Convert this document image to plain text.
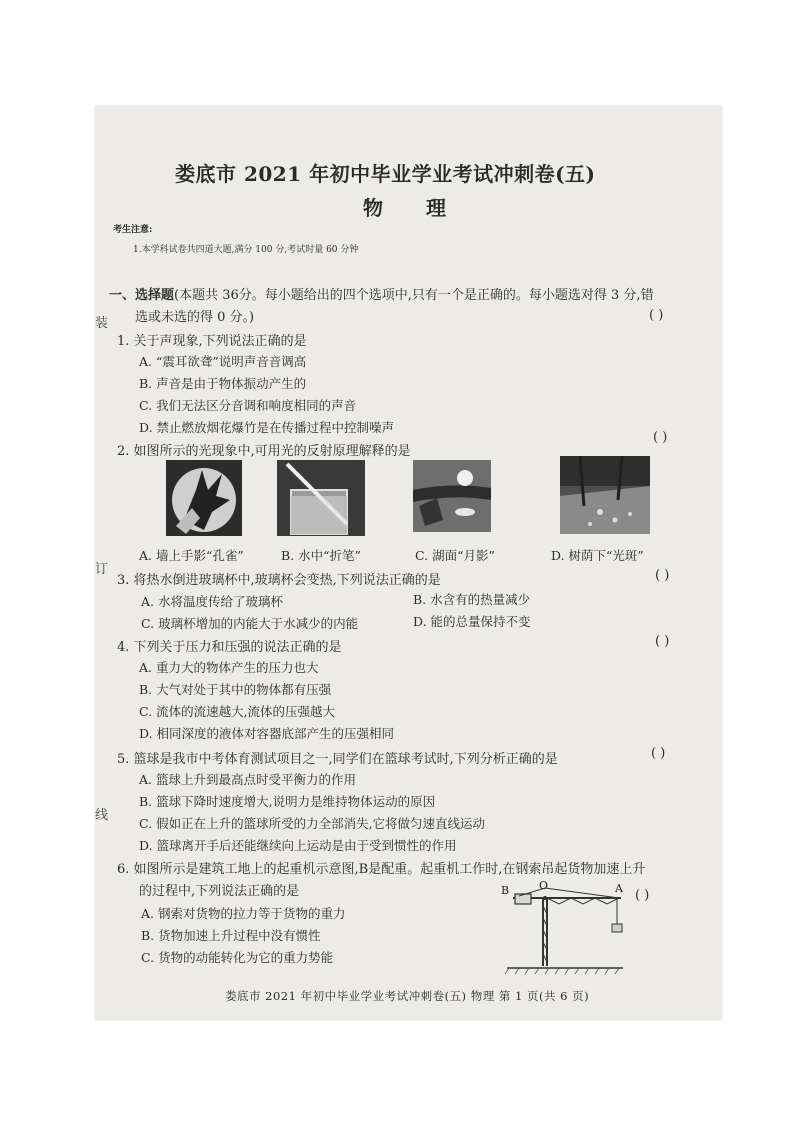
娄底市 2021 年初中毕业学业考试冲刺卷(五)
物 理
考生注意:
1.本学科试卷共四道大题,满分 100 分,考试时量 60 分钟
一、选择题(本题共 36分。每小题给出的四个选项中,只有一个是正确的。每小题选对得 3 分,错
选或未选的得 0 分。)
装
订
线
( )
1. 关于声现象,下列说法正确的是
A. “震耳欲聋”说明声音音调高
B. 声音是由于物体振动产生的
C. 我们无法区分音调和响度相同的声音
D. 禁止燃放烟花爆竹是在传播过程中控制噪声
( )
2. 如图所示的光现象中,可用光的反射原理解释的是
A. 墙上手影“孔雀”	B. 水中“折笔”	C. 湖面“月影”	D. 树荫下“光斑”
3. 将热水倒进玻璃杯中,玻璃杯会变热,下列说法正确的是	( )
A. 水将温度传给了玻璃杯	B. 水含有的热量减少
C. 玻璃杯增加的内能大于水减少的内能	D. 能的总量保持不变
4. 下列关于压力和压强的说法正确的是	( )
A. 重力大的物体产生的压力也大
B. 大气对处于其中的物体都有压强
C. 流体的流速越大,流体的压强越大
D. 相同深度的液体对容器底部产生的压强相同
5. 篮球是我市中考体育测试项目之一,同学们在篮球考试时,下列分析正确的是	( )
A. 篮球上升到最高点时受平衡力的作用
B. 篮球下降时速度增大,说明力是维持物体运动的原因
C. 假如正在上升的篮球所受的力全部消失,它将做匀速直线运动
D. 篮球离开手后还能继续向上运动是由于受到惯性的作用
6. 如图所示是建筑工地上的起重机示意图,B是配重。起重机工作时,在钢索吊起货物加速上升
的过程中,下列说法正确的是	( )
A. 钢索对货物的拉力等于货物的重力
B. 货物加速上升过程中没有惯性
C. 货物的动能转化为它的重力势能
B	O	A
娄底市 2021 年初中毕业学业考试冲刺卷(五) 物理 第 1 页(共 6 页)
